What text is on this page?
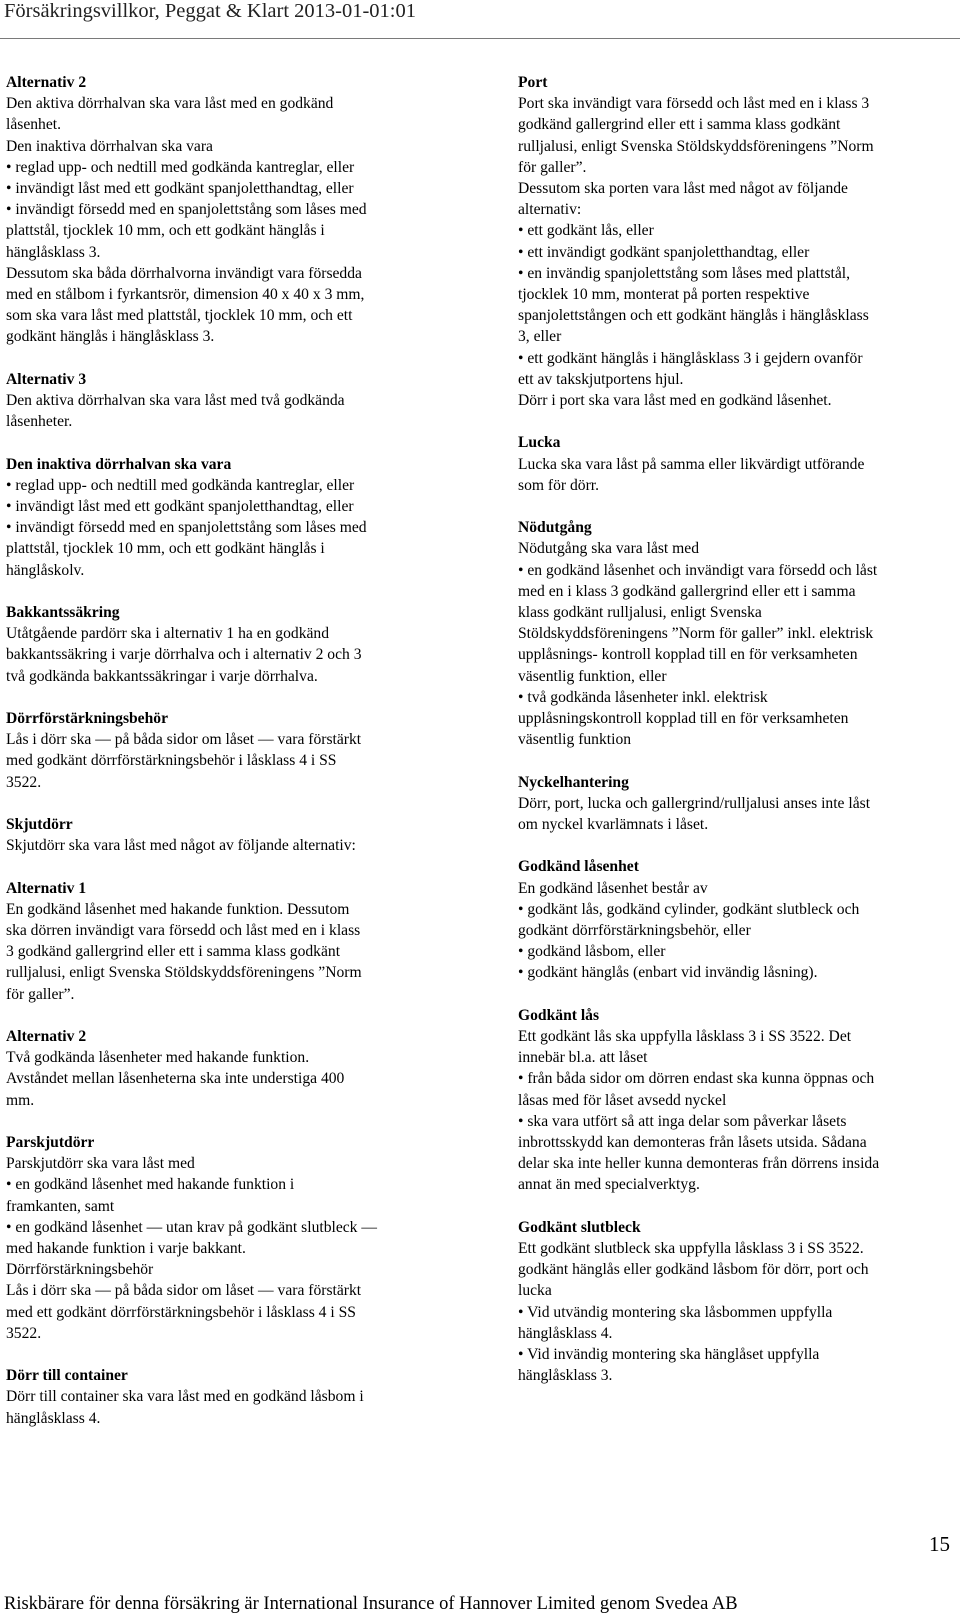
Försäkringsvillkor, Peggat & Klart 2013-01-01:01
Alternativ 2
Den aktiva dörrhalvan ska vara låst med en godkänd
låsenhet.
Den inaktiva dörrhalvan ska vara
• reglad upp- och nedtill med godkända kantreglar, eller
• invändigt låst med ett godkänt spanjoletthandtag, eller
• invändigt försedd med en spanjolettstång som låses med
plattstål, tjocklek 10 mm, och ett godkänt hänglås i
hänglåsklass 3.
Dessutom ska båda dörrhalvorna invändigt vara försedda
med en stålbom i fyrkantsrör, dimension 40 x 40 x 3 mm,
som ska vara låst med plattstål, tjocklek 10 mm, och ett
godkänt hänglås i hänglåsklass 3.
Alternativ 3
Den aktiva dörrhalvan ska vara låst med två godkända
låsenheter.
Den inaktiva dörrhalvan ska vara
• reglad upp- och nedtill med godkända kantreglar, eller
• invändigt låst med ett godkänt spanjoletthandtag, eller
• invändigt försedd med en spanjolettstång som låses med
plattstål, tjocklek 10 mm, och ett godkänt hänglås i
hänglåskolv.
Bakkantssäkring
Utåtgående pardörr ska i alternativ 1 ha en godkänd
bakkantssäkring i varje dörrhalva och i alternativ 2 och 3
två godkända bakkantssäkringar i varje dörrhalva.
Dörrförstärkningsbehör
Lås i dörr ska — på båda sidor om låset — vara förstärkt
med godkänt dörrförstärkningsbehör i låsklass 4 i SS
3522.
Skjutdörr
Skjutdörr ska vara låst med något av följande alternativ:
Alternativ 1
En godkänd låsenhet med hakande funktion. Dessutom
ska dörren invändigt vara försedd och låst med en i klass
3 godkänd gallergrind eller ett i samma klass godkänt
rulljalusi, enligt Svenska Stöldskyddsföreningens ”Norm
för galler”.
Alternativ 2
Två godkända låsenheter med hakande funktion.
Avståndet mellan låsenheterna ska inte understiga 400
mm.
Parskjutdörr
Parskjutdörr ska vara låst med
• en godkänd låsenhet med hakande funktion i
framkanten, samt
• en godkänd låsenhet — utan krav på godkänt slutbleck —
med hakande funktion i varje bakkant.
Dörrförstärkningsbehör
Lås i dörr ska — på båda sidor om låset — vara förstärkt
med ett godkänt dörrförstärkningsbehör i låsklass 4 i SS
3522.
Dörr till container
Dörr till container ska vara låst med en godkänd låsbom i
hänglåsklass 4.
Port
Port ska invändigt vara försedd och låst med en i klass 3
godkänd gallergrind eller ett i samma klass godkänt
rulljalusi, enligt Svenska Stöldskyddsföreningens ”Norm
för galler”.
Dessutom ska porten vara låst med något av följande
alternativ:
• ett godkänt lås, eller
• ett invändigt godkänt spanjoletthandtag, eller
• en invändig spanjolettstång som låses med plattstål,
tjocklek 10 mm, monterat på porten respektive
spanjolettstången och ett godkänt hänglås i hänglåsklass
3, eller
• ett godkänt hänglås i hänglåsklass 3 i gejdern ovanför
ett av takskjutportens hjul.
Dörr i port ska vara låst med en godkänd låsenhet.
Lucka
Lucka ska vara låst på samma eller likvärdigt utförande
som för dörr.
Nödutgång
Nödutgång ska vara låst med
• en godkänd låsenhet och invändigt vara försedd och låst
med en i klass 3 godkänd gallergrind eller ett i samma
klass godkänt rulljalusi, enligt Svenska
Stöldskyddsföreningens ”Norm för galler” inkl. elektrisk
upplåsnings- kontroll kopplad till en för verksamheten
väsentlig funktion, eller
• två godkända låsenheter inkl. elektrisk
upplåsningskontroll kopplad till en för verksamheten
väsentlig funktion
Nyckelhantering
Dörr, port, lucka och gallergrind/rulljalusi anses inte låst
om nyckel kvarlämnats i låset.
Godkänd låsenhet
En godkänd låsenhet består av
• godkänt lås, godkänd cylinder, godkänt slutbleck och
godkänt dörrförstärkningsbehör, eller
• godkänd låsbom, eller
• godkänt hänglås (enbart vid invändig låsning).
Godkänt lås
Ett godkänt lås ska uppfylla låsklass 3 i SS 3522. Det
innebär bl.a. att låset
• från båda sidor om dörren endast ska kunna öppnas och
låsas med för låset avsedd nyckel
• ska vara utfört så att inga delar som påverkar låsets
inbrottsskydd kan demonteras från låsets utsida. Sådana
delar ska inte heller kunna demonteras från dörrens insida
annat än med specialverktyg.
Godkänt slutbleck
Ett godkänt slutbleck ska uppfylla låsklass 3 i SS 3522.
godkänt hänglås eller godkänd låsbom för dörr, port och
lucka
• Vid utvändig montering ska låsbommen uppfylla
hänglåsklass 4.
• Vid invändig montering ska hänglåset uppfylla
hänglåsklass 3.
15
Riskbärare för denna försäkring är International Insurance of Hannover Limited genom Svedea AB
